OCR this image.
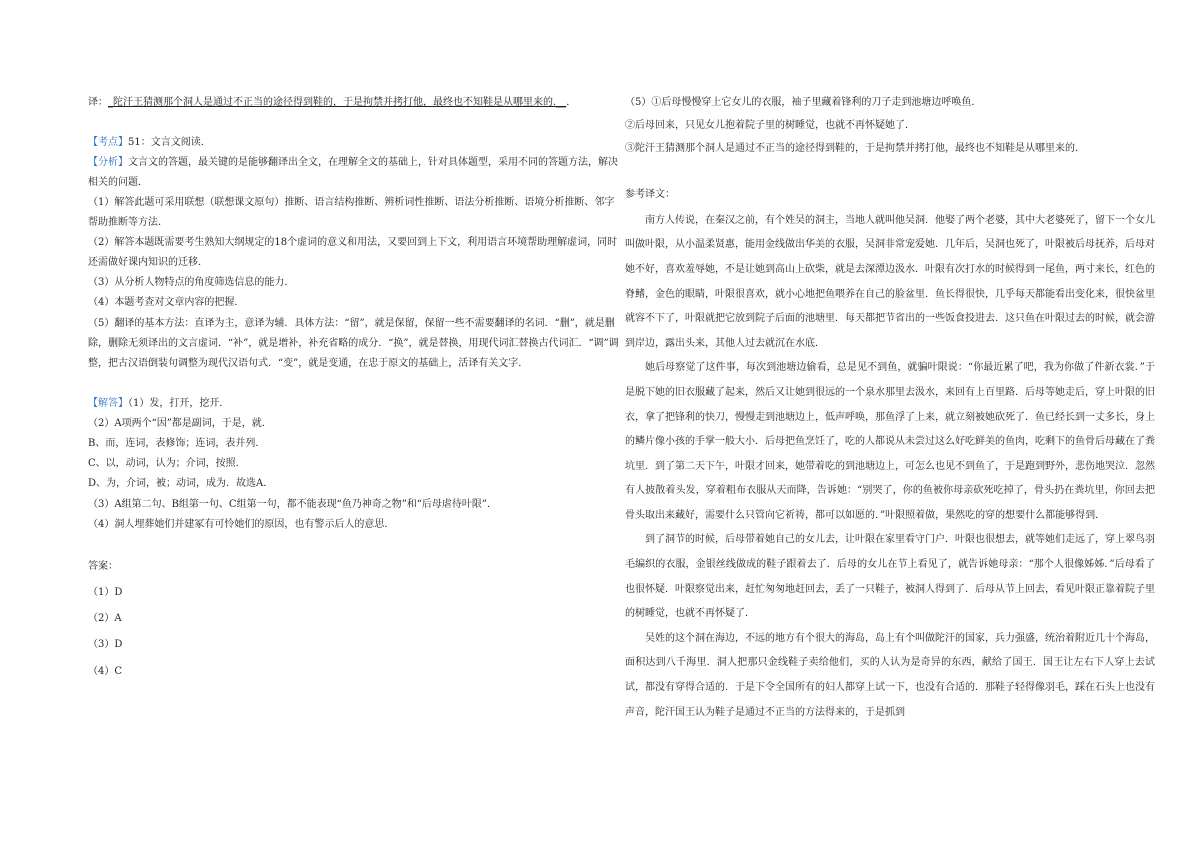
译：_陀汗王猜测那个洞人是通过不正当的途径得到鞋的，于是拘禁并拷打他，最终也不知鞋是从哪里来的.__．
【考点】51：文言文阅读．
【分析】文言文的答题，最关键的是能够翻译出全文，在理解全文的基础上，针对具体题型，采用不同的答题方法，解决相关的问题．
（1）解答此题可采用联想（联想课文原句）推断、语言结构推断、辨析词性推断、语法分析推断、语境分析推断、邻字帮助推断等方法．
（2）解答本题既需要考生熟知大纲规定的18个虚词的意义和用法，又要回到上下文，利用语言环境帮助理解虚词，同时还需做好课内知识的迁移．
（3）从分析人物特点的角度筛选信息的能力．
（4）本题考查对文章内容的把握．
（5）翻译的基本方法：直译为主，意译为辅．具体方法：“留”，就是保留，保留一些不需要翻译的名词．“删”，就是删除，删除无须译出的文言虚词．“补”，就是增补，补充省略的成分．“换”，就是替换，用现代词汇替换古代词汇．“调”调整，把古汉语倒装句调整为现代汉语句式．“变”，就是变通，在忠于原文的基础上，活译有关文字．
【解答】（1）发，打开，挖开．
（2）A项两个“因”都是副词，于是，就．
B、而，连词，表修饰；连词，表并列．
C、以，动词，认为；介词，按照．
D、为，介词，被；动词，成为．故选A．
（3）A组第二句、B组第一句、C组第一句，都不能表现“鱼乃神奇之物”和“后母虐待叶限”．
（4）洞人埋葬她们并建冢有可怜她们的原因，也有警示后人的意思．
答案：
（1）D
（2）A
（3）D
（4）C
（5）①后母慢慢穿上它女儿的衣服，袖子里藏着锋利的刀子走到池塘边呼唤鱼．
②后母回来，只见女儿抱着院子里的树睡觉，也就不再怀疑她了．
③陀汗王猜测那个洞人是通过不正当的途径得到鞋的，于是拘禁并拷打他，最终也不知鞋是从哪里来的．
参考译文：
南方人传说，在秦汉之前，有个姓吴的洞主，当地人就叫他吴洞．他娶了两个老婆，其中大老婆死了，留下一个女儿叫做叶限，从小温柔贤惠，能用金线做出华美的衣服，吴洞非常宠爱她．几年后，吴洞也死了，叶限被后母抚养，后母对她不好，喜欢羞辱她，不是让她到高山上砍柴，就是去深潭边汲水．叶限有次打水的时候得到一尾鱼，两寸来长，红色的脊鳍，金色的眼睛，叶限很喜欢，就小心地把鱼喂养在自己的脸盆里．鱼长得很快，几乎每天都能看出变化来，很快盆里就容不下了，叶限就把它放到院子后面的池塘里．每天都把节省出的一些饭食投进去．这只鱼在叶限过去的时候，就会游到岸边，露出头来，其他人过去就沉在水底．
她后母察觉了这件事，每次到池塘边偷看，总是见不到鱼，就骗叶限说：“你最近累了吧，我为你做了件新衣裳．”于是脱下她的旧衣服藏了起来，然后又让她到很远的一个泉水那里去汲水，来回有上百里路．后母等她走后，穿上叶限的旧衣，拿了把锋利的快刀，慢慢走到池塘边上，低声呼唤，那鱼浮了上来，就立刻被她砍死了．鱼已经长到一丈多长，身上的鳞片像小孩的手掌一般大小．后母把鱼烹饪了，吃的人都说从未尝过这么好吃鲜美的鱼肉，吃剩下的鱼骨后母藏在了粪坑里．到了第二天下午，叶限才回来，她带着吃的到池塘边上，可怎么也见不到鱼了，于是跑到野外，悲伤地哭泣．忽然有人披散着头发，穿着粗布衣服从天而降，告诉她：“别哭了，你的鱼被你母亲砍死吃掉了，骨头扔在粪坑里，你回去把骨头取出来藏好，需要什么只管向它祈祷，都可以如愿的．”叶限照着做，果然吃的穿的想要什么都能够得到．
到了洞节的时候，后母带着她自己的女儿去，让叶限在家里看守门户．叶限也很想去，就等她们走远了，穿上翠鸟羽毛编织的衣服，金银丝线做成的鞋子跟着去了．后母的女儿在节上看见了，就告诉她母亲：“那个人很像姊姊．”后母看了也很怀疑．叶限察觉出来，赶忙匆匆地赶回去，丢了一只鞋子，被洞人得到了．后母从节上回去，看见叶限正靠着院子里的树睡觉，也就不再怀疑了．
吴姓的这个洞在海边，不远的地方有个很大的海岛，岛上有个叫做陀汗的国家，兵力强盛，统治着附近几十个海岛，面积达到八千海里．洞人把那只金线鞋子卖给他们，买的人认为是奇异的东西，献给了国王．国王让左右下人穿上去试试，都没有穿得合适的．于是下令全国所有的妇人都穿上试一下，也没有合适的．那鞋子轻得像羽毛，踩在石头上也没有声音，陀汗国王认为鞋子是通过不正当的方法得来的，于是抓到
